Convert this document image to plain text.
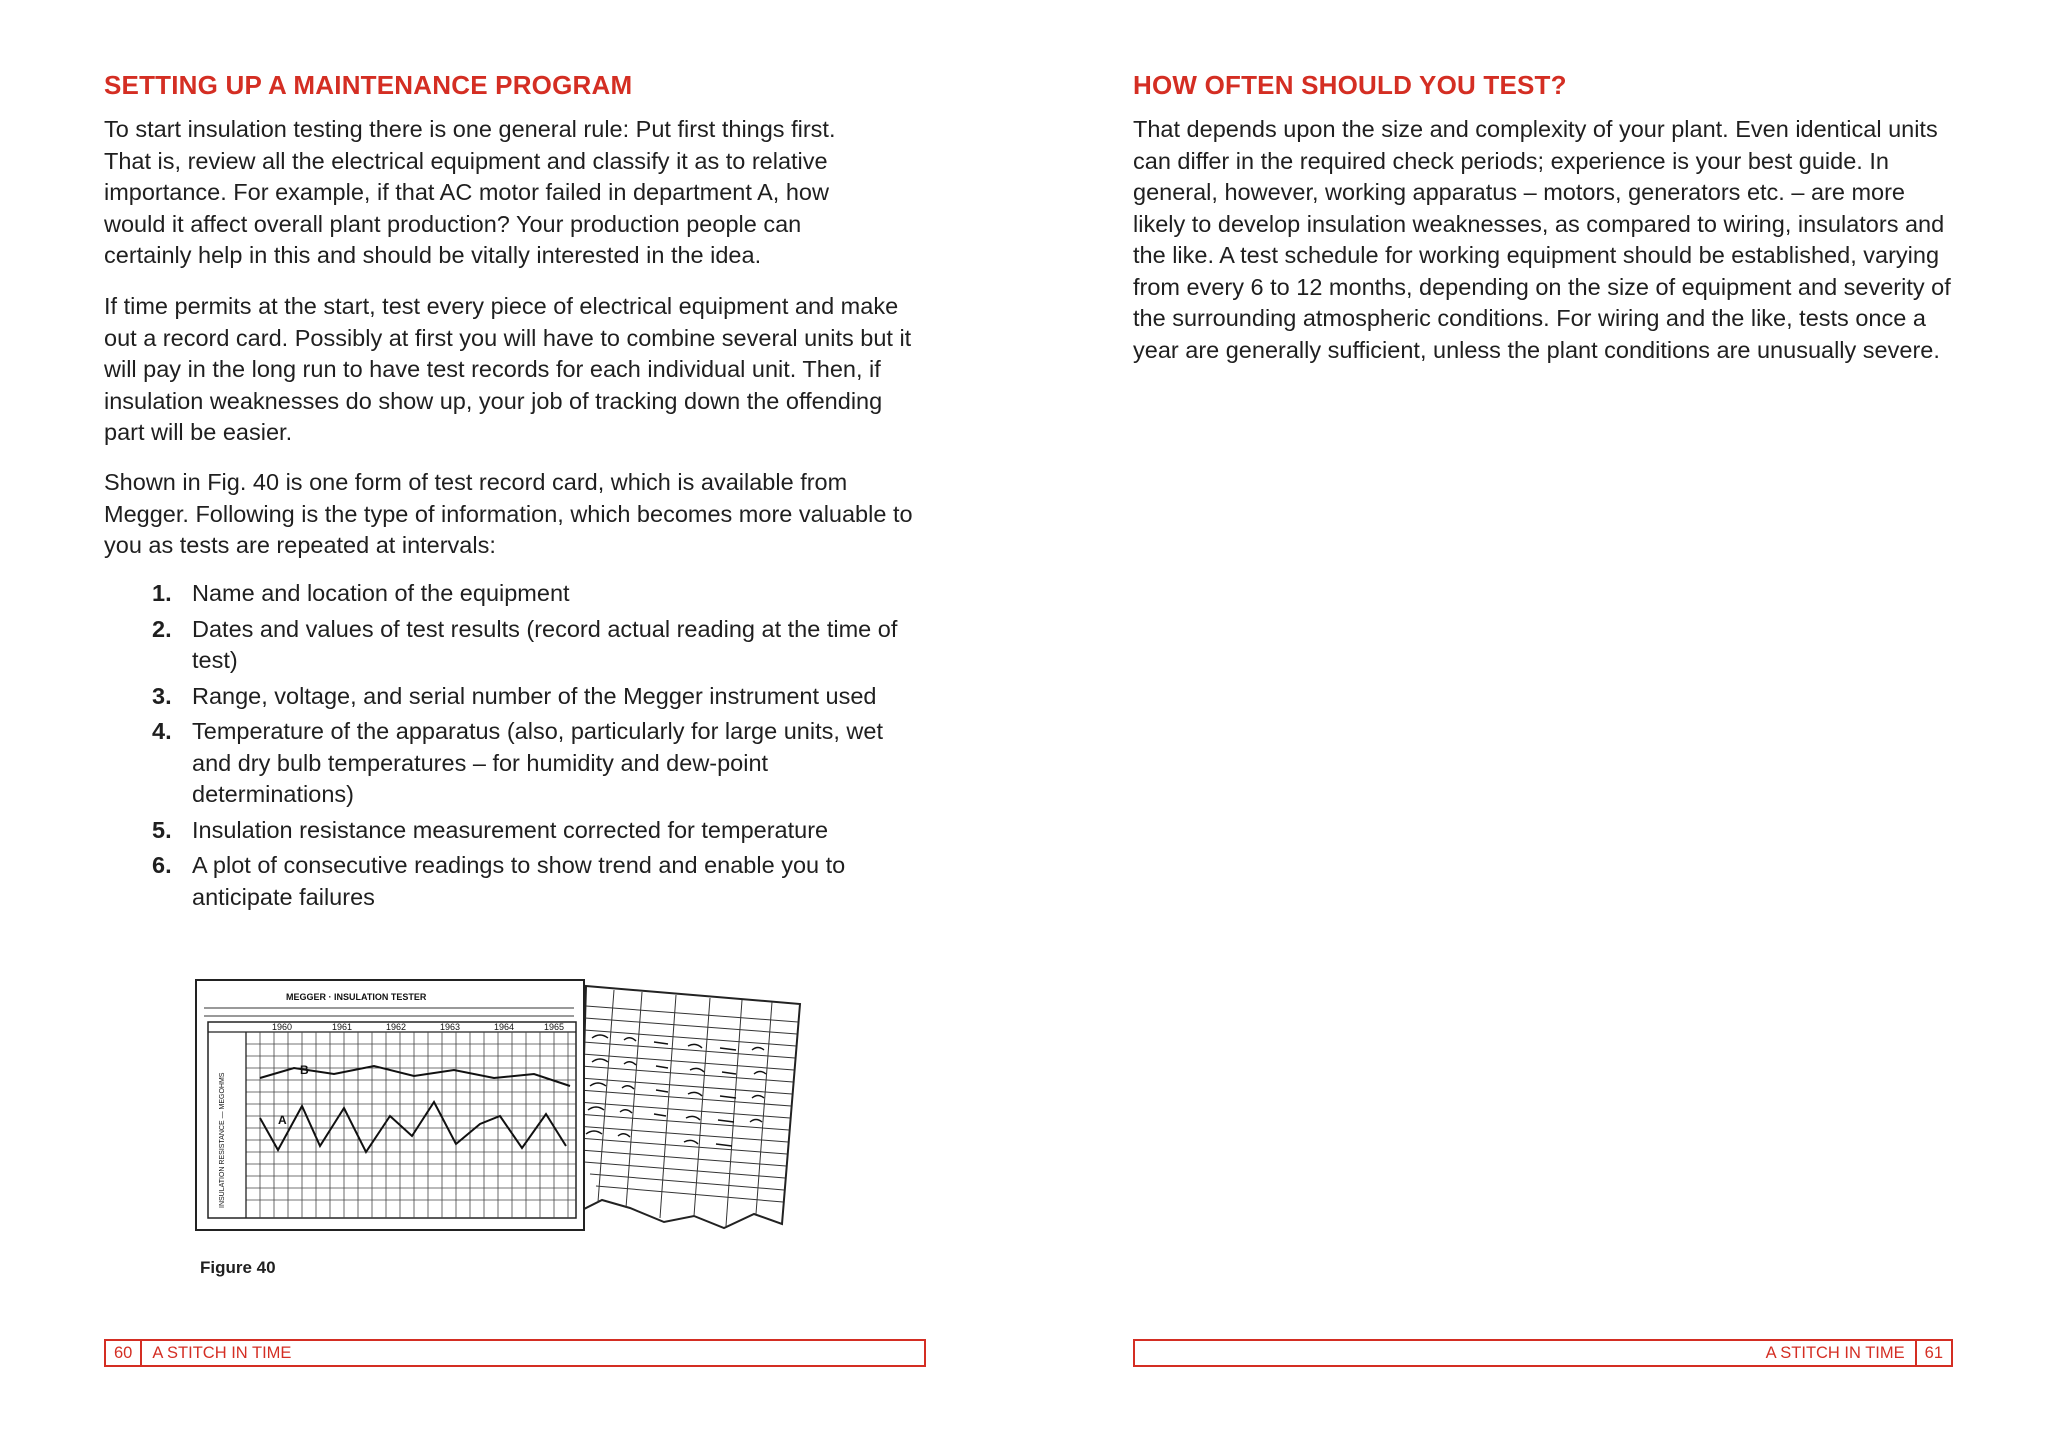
SETTING UP A MAINTENANCE PROGRAM

To start insulation testing there is one general rule: Put first things first. That is, review all the electrical equipment and classify it as to relative importance. For example, if that AC motor failed in department A, how would it affect overall plant production? Your production people can certainly help in this and should be vitally interested in the idea.

If time permits at the start, test every piece of electrical equipment and make out a record card. Possibly at first you will have to combine several units but it will pay in the long run to have test records for each individual unit. Then, if insulation weaknesses do show up, your job of tracking down the offending part will be easier.

Shown in Fig. 40 is one form of test record card, which is available from Megger. Following is the type of information, which becomes more valuable to you as tests are repeated at intervals:

1. Name and location of the equipment
2. Dates and values of test results (record actual reading at the time of test)
3. Range, voltage, and serial number of the Megger instrument used
4. Temperature of the apparatus (also, particularly for large units, wet and dry bulb temperatures – for humidity and dew-point determinations)
5. Insulation resistance measurement corrected for temperature
6. A plot of consecutive readings to show trend and enable you to anticipate failures
MEGGER · INSULATION TESTER
1960	1961	1962	1963	1964	1965
INSULATION RESISTANCE — MEGOHMS
B
A
Figure 40
60	A STITCH IN TIME
HOW OFTEN SHOULD YOU TEST?

That depends upon the size and complexity of your plant. Even identical units can differ in the required check periods; experience is your best guide. In general, however, working apparatus – motors, generators etc. – are more likely to develop insulation weaknesses, as compared to wiring, insulators and the like. A test schedule for working equipment should be established, varying from every 6 to 12 months, depending on the size of equipment and severity of the surrounding atmospheric conditions. For wiring and the like, tests once a year are generally sufficient, unless the plant conditions are unusually severe.

A STITCH IN TIME	61
